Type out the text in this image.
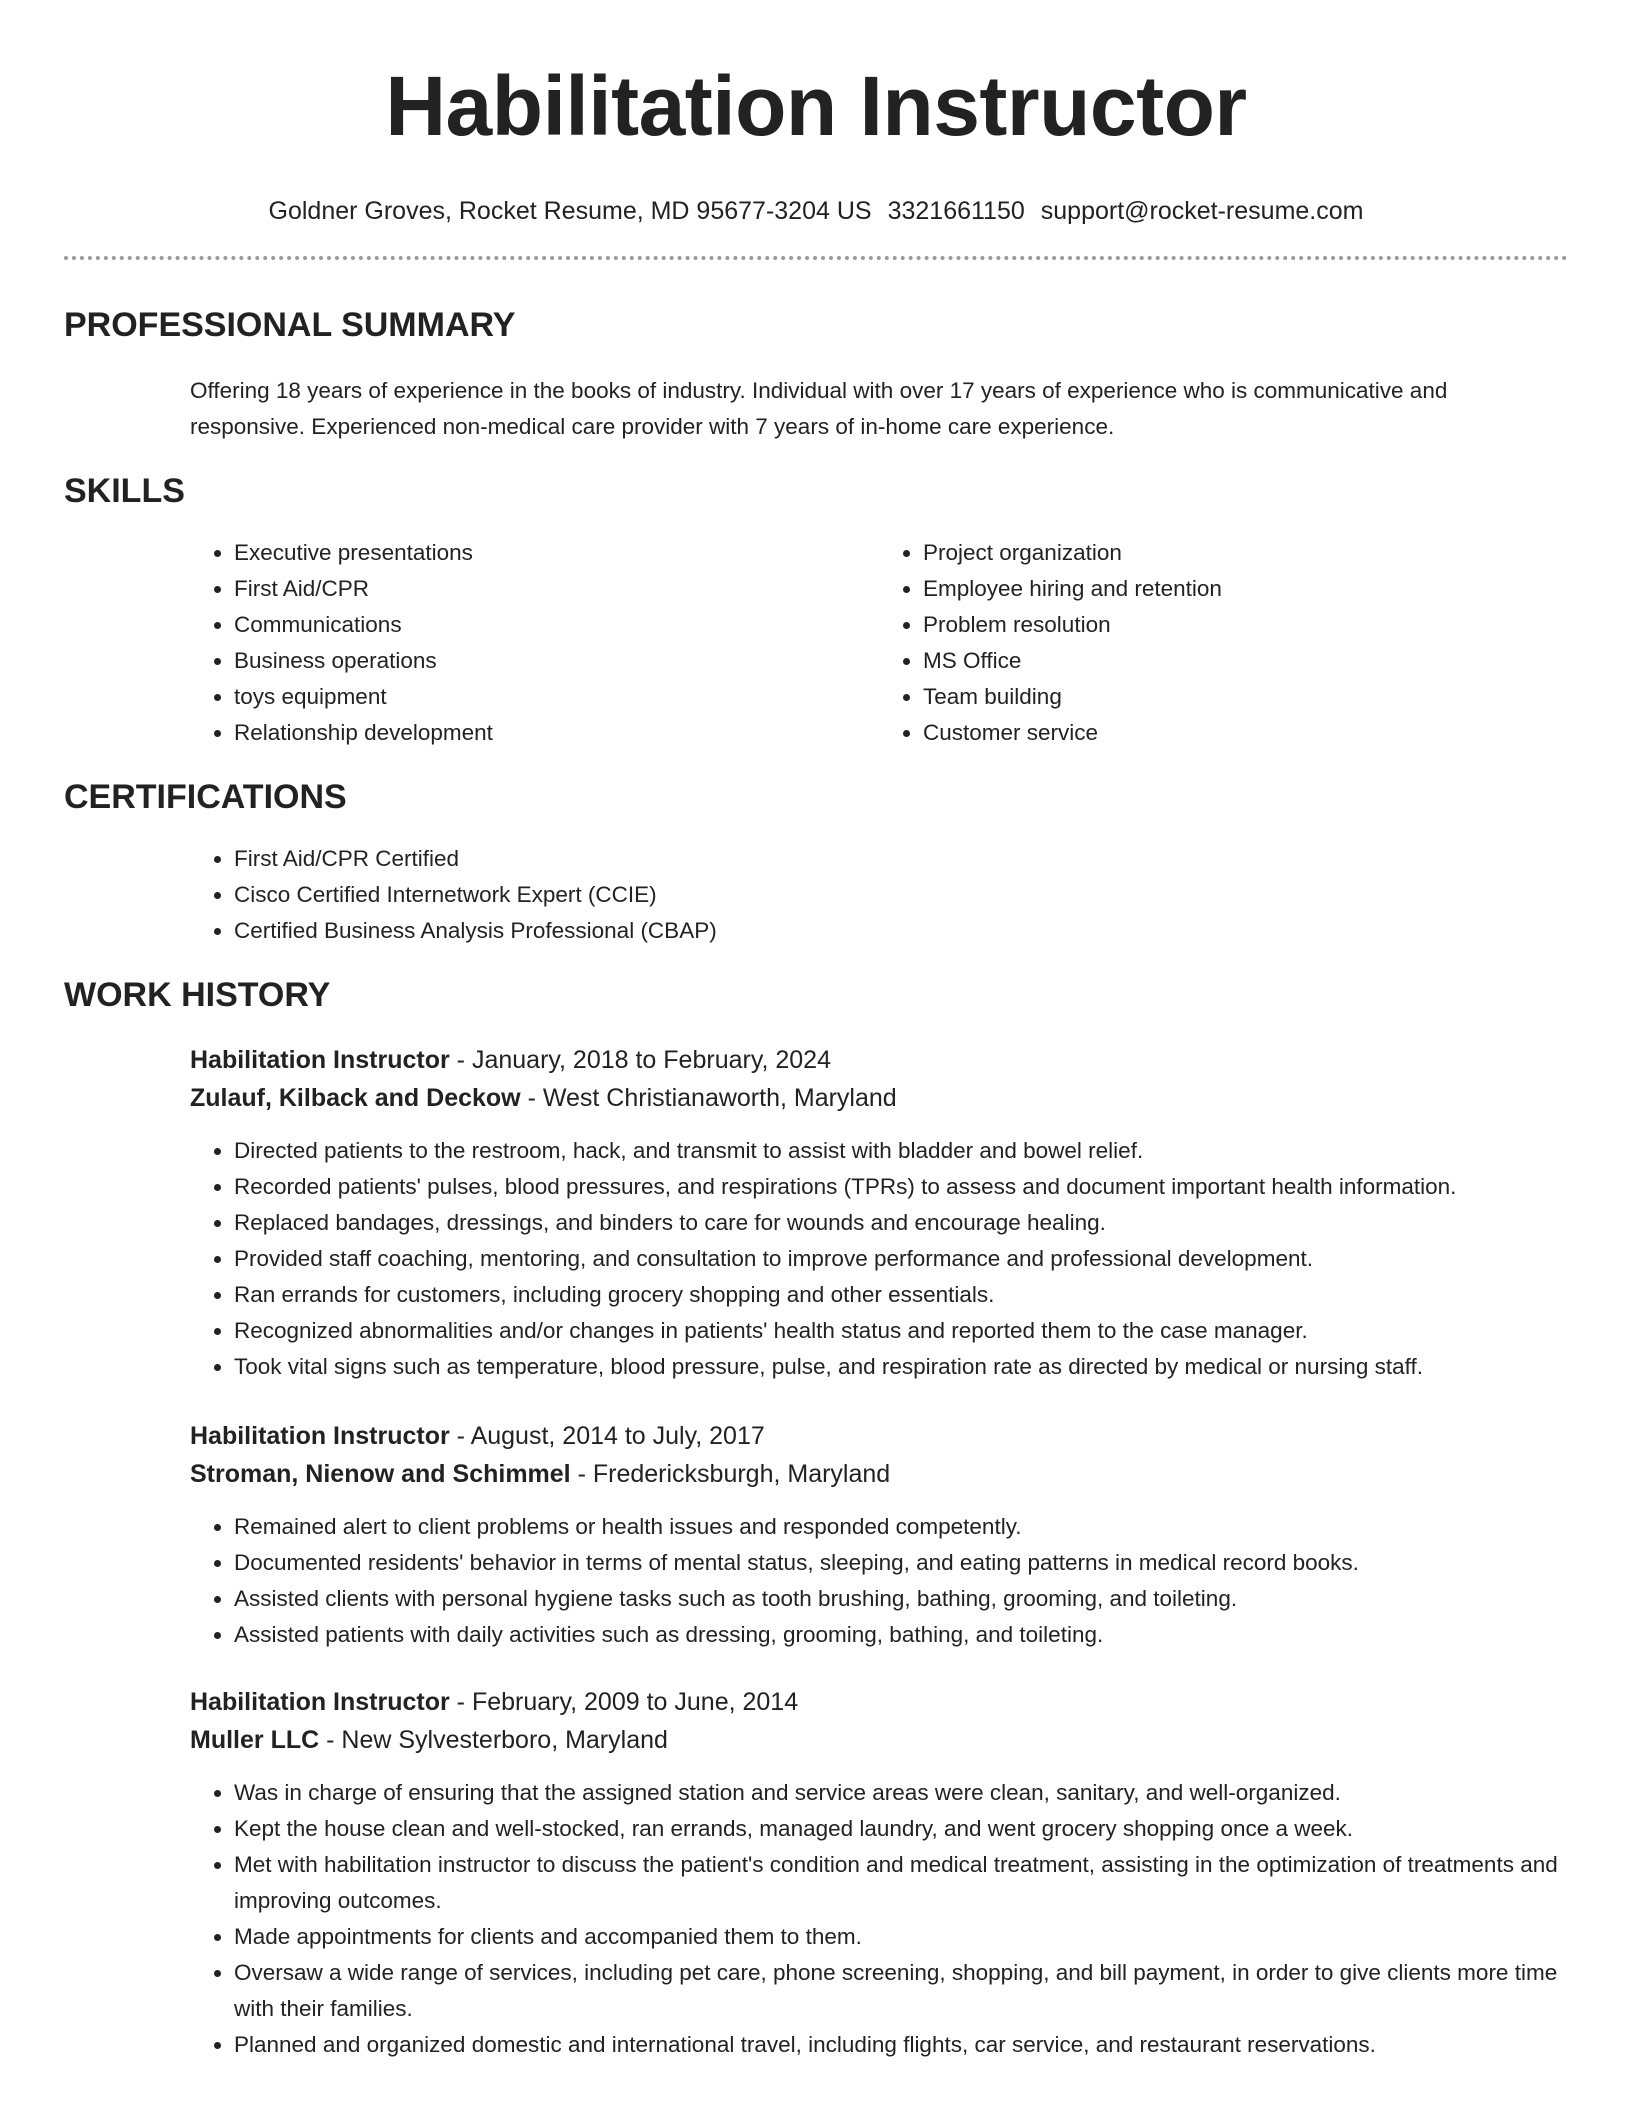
Habilitation Instructor
Goldner Groves, Rocket Resume, MD 95677-3204 US 3321661150 support@rocket-resume.com
PROFESSIONAL SUMMARY

Offering 18 years of experience in the books of industry. Individual with over 17 years of experience who is communicative and responsive. Experienced non-medical care provider with 7 years of in-home care experience.

SKILLS
• Executive presentations
• First Aid/CPR
• Communications
• Business operations
• toys equipment
• Relationship development
• Project organization
• Employee hiring and retention
• Problem resolution
• MS Office
• Team building
• Customer service
CERTIFICATIONS
• First Aid/CPR Certified
• Cisco Certified Internetwork Expert (CCIE)
• Certified Business Analysis Professional (CBAP)
WORK HISTORY
Habilitation Instructor - January, 2018 to February, 2024
Zulauf, Kilback and Deckow - West Christianaworth, Maryland
• Directed patients to the restroom, hack, and transmit to assist with bladder and bowel relief.
• Recorded patients' pulses, blood pressures, and respirations (TPRs) to assess and document important health information.
• Replaced bandages, dressings, and binders to care for wounds and encourage healing.
• Provided staff coaching, mentoring, and consultation to improve performance and professional development.
• Ran errands for customers, including grocery shopping and other essentials.
• Recognized abnormalities and/or changes in patients' health status and reported them to the case manager.
• Took vital signs such as temperature, blood pressure, pulse, and respiration rate as directed by medical or nursing staff.
Habilitation Instructor - August, 2014 to July, 2017
Stroman, Nienow and Schimmel - Fredericksburgh, Maryland
• Remained alert to client problems or health issues and responded competently.
• Documented residents' behavior in terms of mental status, sleeping, and eating patterns in medical record books.
• Assisted clients with personal hygiene tasks such as tooth brushing, bathing, grooming, and toileting.
• Assisted patients with daily activities such as dressing, grooming, bathing, and toileting.
Habilitation Instructor - February, 2009 to June, 2014
Muller LLC - New Sylvesterboro, Maryland
• Was in charge of ensuring that the assigned station and service areas were clean, sanitary, and well-organized.
• Kept the house clean and well-stocked, ran errands, managed laundry, and went grocery shopping once a week.
• Met with habilitation instructor to discuss the patient's condition and medical treatment, assisting in the optimization of treatments and improving outcomes.
• Made appointments for clients and accompanied them to them.
• Oversaw a wide range of services, including pet care, phone screening, shopping, and bill payment, in order to give clients more time with their families.
• Planned and organized domestic and international travel, including flights, car service, and restaurant reservations.
